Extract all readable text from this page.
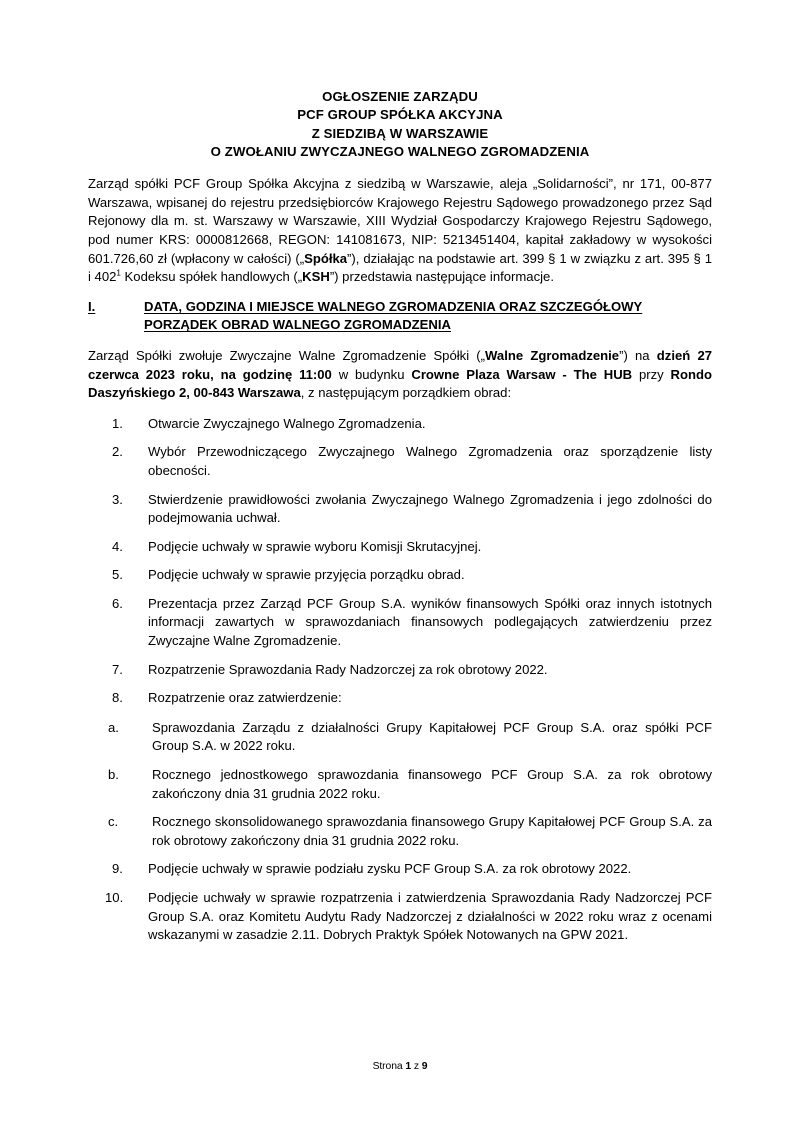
OGŁOSZENIE ZARZĄDU
PCF GROUP SPÓŁKA AKCYJNA
Z SIEDZIBĄ W WARSZAWIE
O ZWOŁANIU ZWYCZAJNEGO WALNEGO ZGROMADZENIA

Zarząd spółki PCF Group Spółka Akcyjna z siedzibą w Warszawie, aleja „Solidarności”, nr 171, 00-877 Warszawa, wpisanej do rejestru przedsiębiorców Krajowego Rejestru Sądowego prowadzonego przez Sąd Rejonowy dla m. st. Warszawy w Warszawie, XIII Wydział Gospodarczy Krajowego Rejestru Sądowego, pod numer KRS: 0000812668, REGON: 141081673, NIP: 5213451404, kapitał zakładowy w wysokości 601.726,60 zł (wpłacony w całości) („Spółka”), działając na podstawie art. 399 § 1 w związku z art. 395 § 1 i $402^1$ Kodeksu spółek handlowych („KSH”) przedstawia następujące informacje.

I.	DATA, GODZINA I MIEJSCE WALNEGO ZGROMADZENIA ORAZ SZCZEGÓŁOWY PORZĄDEK OBRAD WALNEGO ZGROMADZENIA

Zarząd Spółki zwołuje Zwyczajne Walne Zgromadzenie Spółki („Walne Zgromadzenie”) na dzień 27 czerwca 2023 roku, na godzinę 11:00 w budynku Crowne Plaza Warsaw - The HUB przy Rondo Daszyńskiego 2, 00-843 Warszawa, z następującym porządkiem obrad:

1.	Otwarcie Zwyczajnego Walnego Zgromadzenia.
2.	Wybór Przewodniczącego Zwyczajnego Walnego Zgromadzenia oraz sporządzenie listy obecności.
3.	Stwierdzenie prawidłowości zwołania Zwyczajnego Walnego Zgromadzenia i jego zdolności do podejmowania uchwał.
4.	Podjęcie uchwały w sprawie wyboru Komisji Skrutacyjnej.
5.	Podjęcie uchwały w sprawie przyjęcia porządku obrad.
6.	Prezentacja przez Zarząd PCF Group S.A. wyników finansowych Spółki oraz innych istotnych informacji zawartych w sprawozdaniach finansowych podlegających zatwierdzeniu przez Zwyczajne Walne Zgromadzenie.
7.	Rozpatrzenie Sprawozdania Rady Nadzorczej za rok obrotowy 2022.
8.	Rozpatrzenie oraz zatwierdzenie:
a.	Sprawozdania Zarządu z działalności Grupy Kapitałowej PCF Group S.A. oraz spółki PCF Group S.A. w 2022 roku.
b.	Rocznego jednostkowego sprawozdania finansowego PCF Group S.A. za rok obrotowy zakończony dnia 31 grudnia 2022 roku.
c.	Rocznego skonsolidowanego sprawozdania finansowego Grupy Kapitałowej PCF Group S.A. za rok obrotowy zakończony dnia 31 grudnia 2022 roku.
9.	Podjęcie uchwały w sprawie podziału zysku PCF Group S.A. za rok obrotowy 2022.
10.	Podjęcie uchwały w sprawie rozpatrzenia i zatwierdzenia Sprawozdania Rady Nadzorczej PCF Group S.A. oraz Komitetu Audytu Rady Nadzorczej z działalności w 2022 roku wraz z ocenami wskazanymi w zasadzie 2.11. Dobrych Praktyk Spółek Notowanych na GPW 2021.
Strona 1 z 9
